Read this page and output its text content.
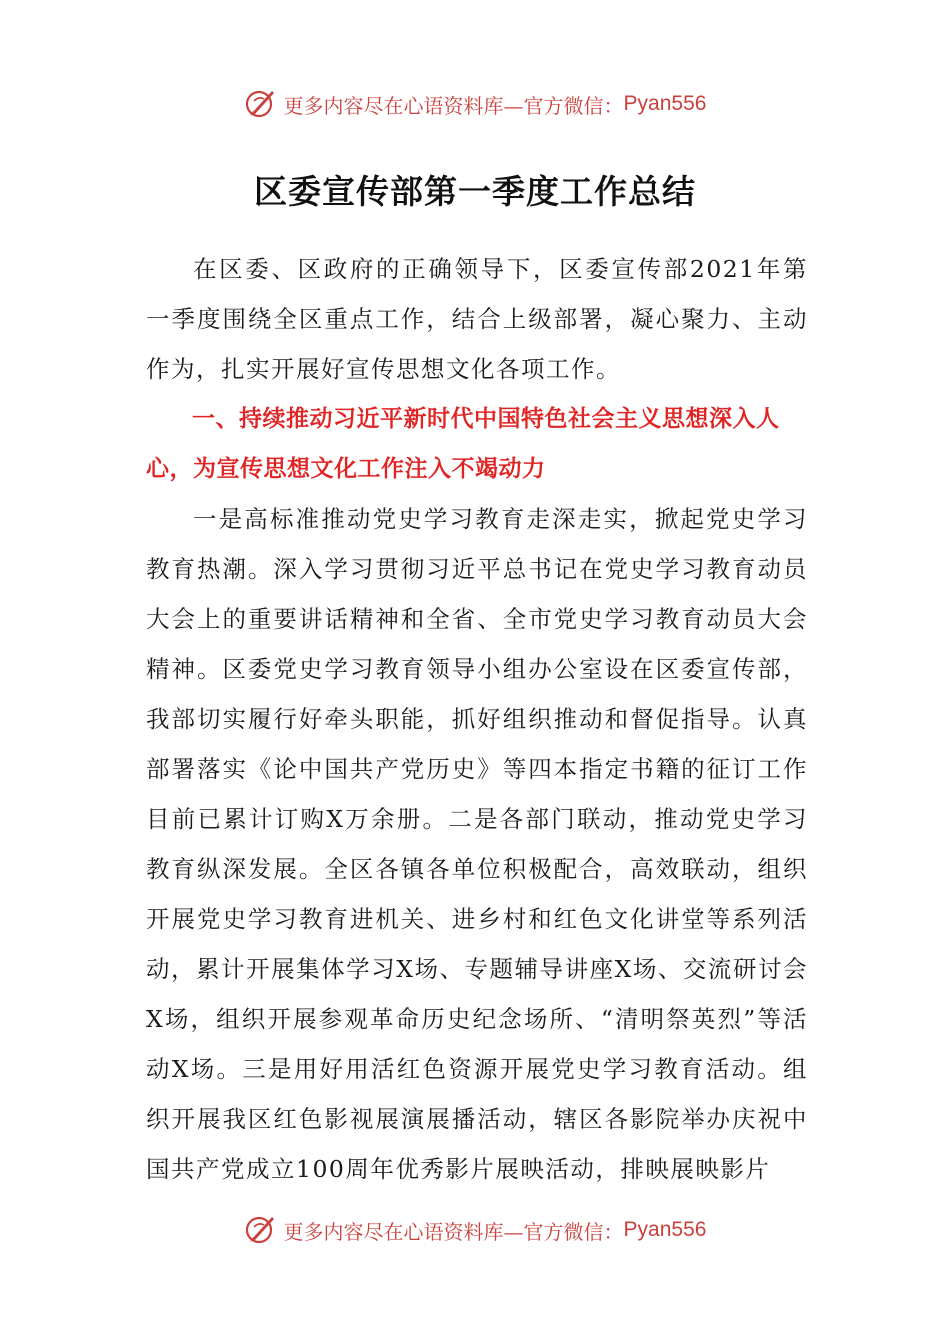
更多内容尽在心语资料库— 官方微信： Pyan556
区委宣传部第一季度工作总结

在区委、区政府的正确领导下，区委宣传部2021年第一季度围绕全区重点工作，结合上级部署，凝心聚力、主动作为，扎实开展好宣传思想文化各项工作。

一、持续推动习近平新时代中国特色社会主义思想深入人心，为宣传思想文化工作注入不竭动力

一是高标准推动党史学习教育走深走实，掀起党史学习教育热潮。深入学习贯彻习近平总书记在党史学习教育动员大会上的重要讲话精神和全省、全市党史学习教育动员大会精神。区委党史学习教育领导小组办公室设在区委宣传部，我部切实履行好牵头职能，抓好组织推动和督促指导。认真部署落实《论中国共产党历史》等四本指定书籍的征订工作目前已累计订购X万余册。二是各部门联动，推动党史学习教育纵深发展。全区各镇各单位积极配合，高效联动，组织开展党史学习教育进机关、进乡村和红色文化讲堂等系列活动，累计开展集体学习X场、专题辅导讲座X场、交流研讨会X场，组织开展参观革命历史纪念场所、“清明祭英烈”等活动X场。三是用好用活红色资源开展党史学习教育活动。组织开展我区红色影视展演展播活动，辖区各影院举办庆祝中国共产党成立100周年优秀影片展映活动，排映展映影片

更多内容尽在心语资料库— 官方微信： Pyan556
